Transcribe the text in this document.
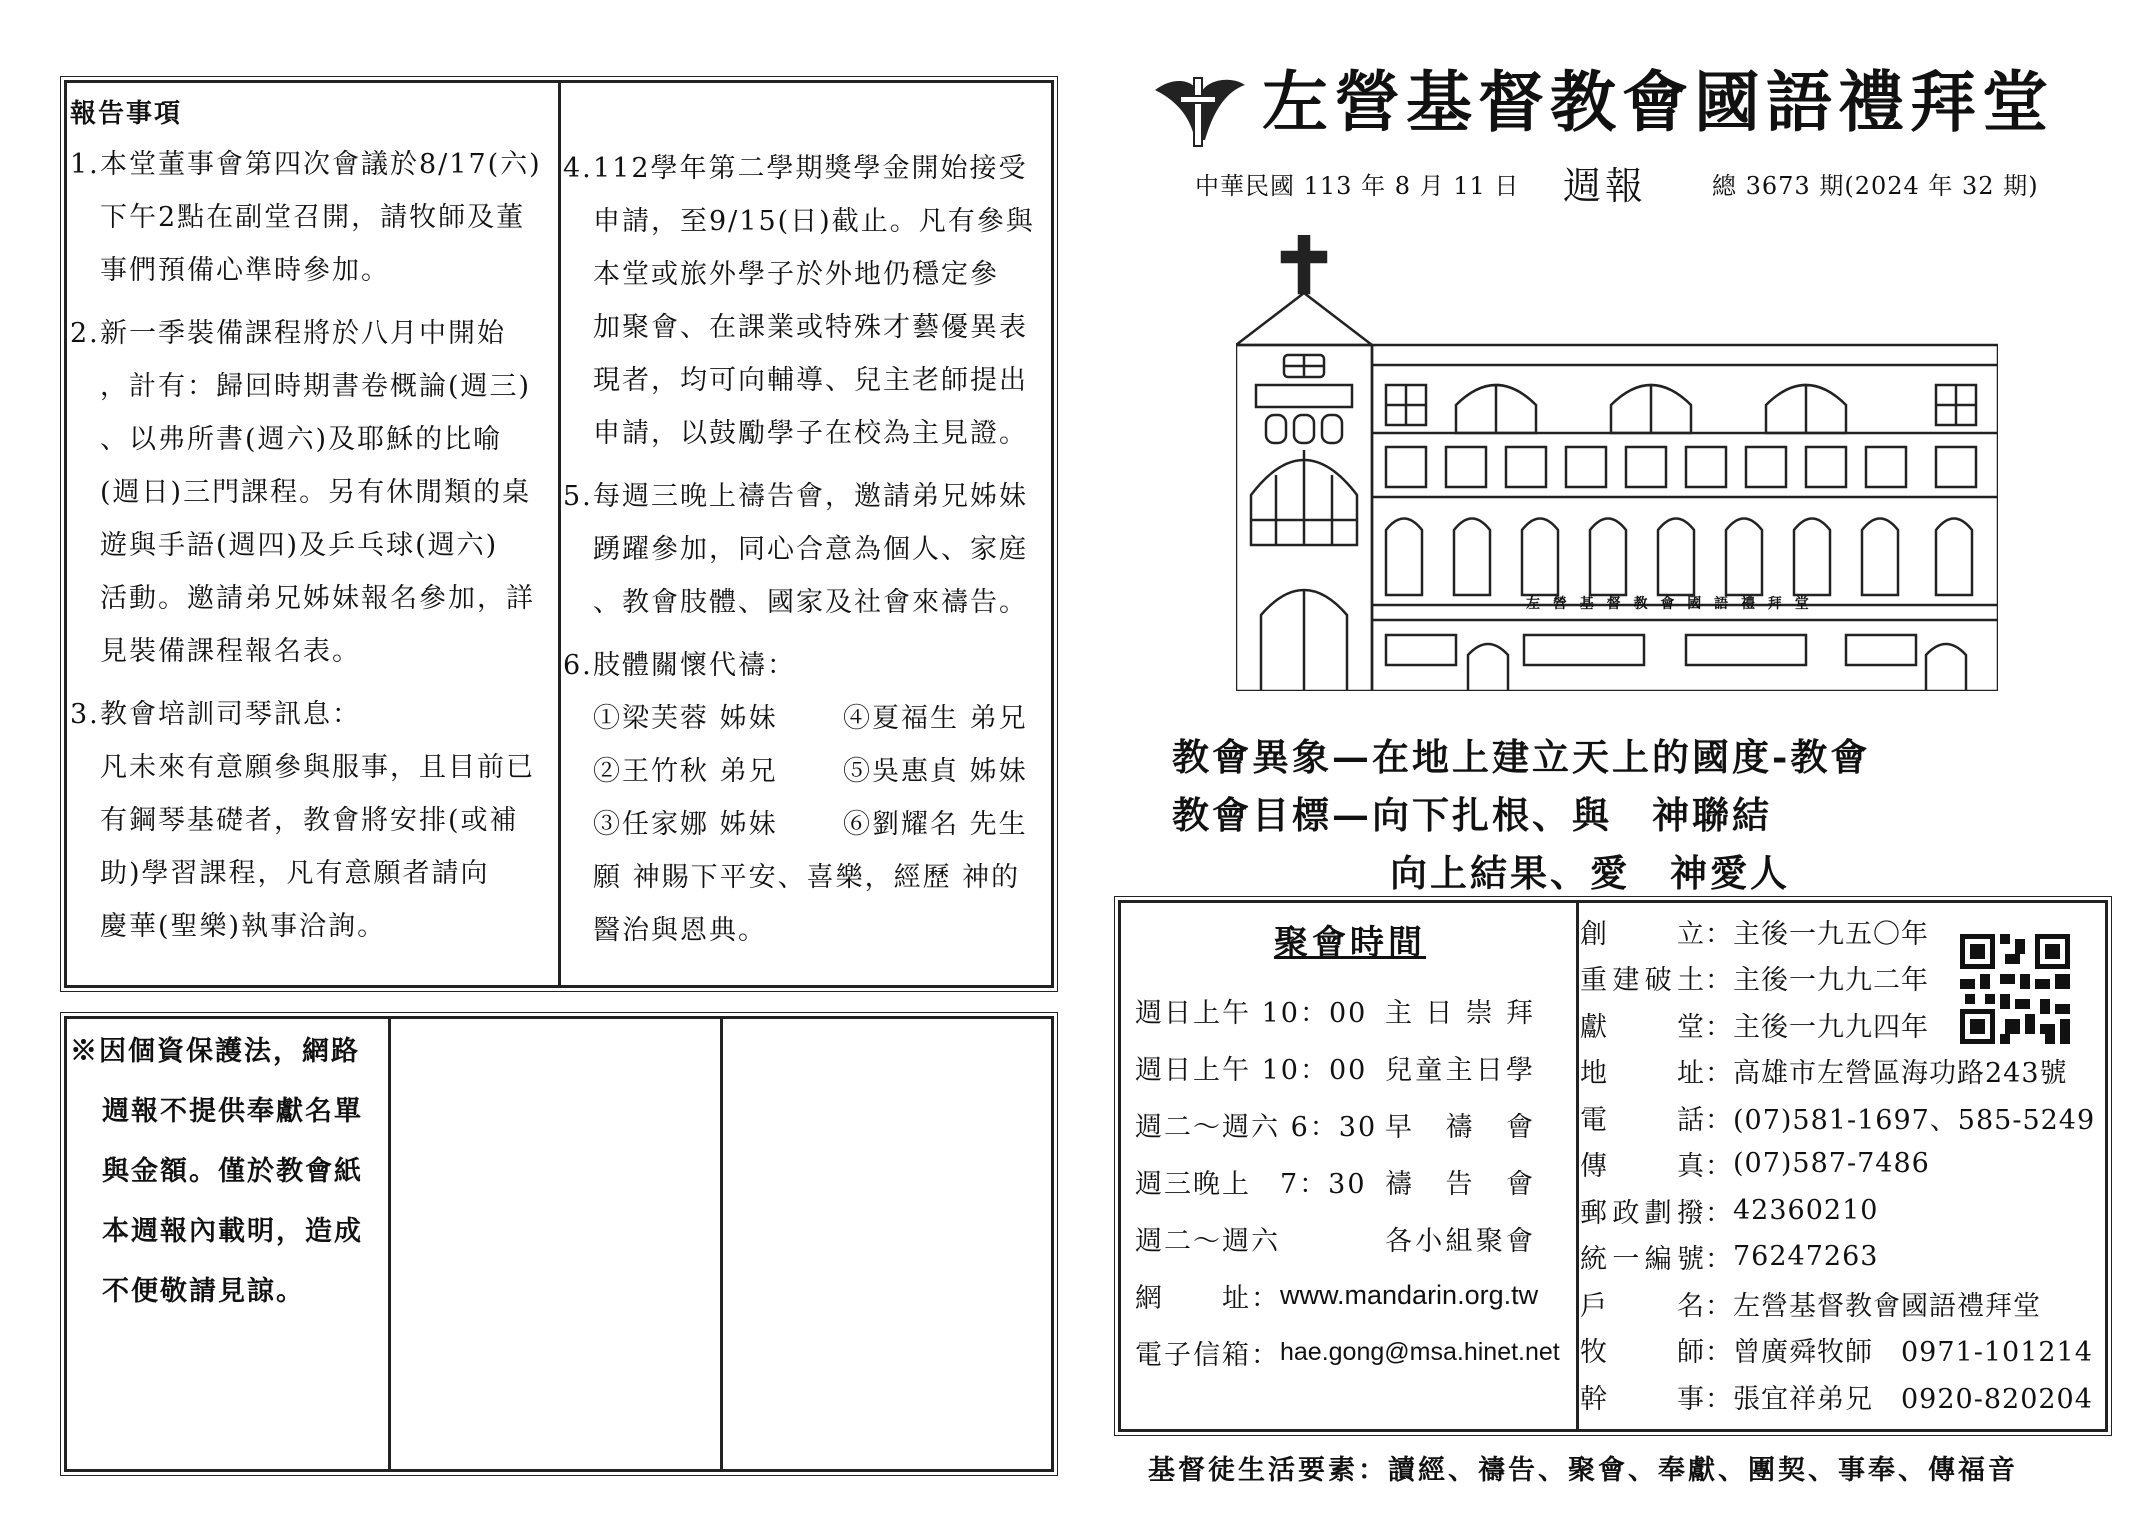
報告事項
1.本堂董事會第四次會議於8/17(六)
下午2點在副堂召開，請牧師及董
事們預備心準時參加。
2.新一季裝備課程將於八月中開始
，計有：歸回時期書卷概論(週三)
、以弗所書(週六)及耶穌的比喻
(週日)三門課程。另有休閒類的桌
遊與手語(週四)及乒乓球(週六)
活動。邀請弟兄姊妹報名參加，詳
見裝備課程報名表。
3.教會培訓司琴訊息：
凡未來有意願參與服事，且目前已
有鋼琴基礎者，教會將安排(或補
助)學習課程，凡有意願者請向
慶華(聖樂)執事洽詢。
4.112學年第二學期獎學金開始接受
申請，至9/15(日)截止。凡有參與
本堂或旅外學子於外地仍穩定參
加聚會、在課業或特殊才藝優異表
現者，均可向輔導、兒主老師提出
申請，以鼓勵學子在校為主見證。
5.每週三晚上禱告會，邀請弟兄姊妹
踴躍參加，同心合意為個人、家庭
、教會肢體、國家及社會來禱告。
6.肢體關懷代禱：
①梁芙蓉 姊妹	④夏福生 弟兄
②王竹秋 弟兄	⑤吳惠貞 姊妹
③任家娜 姊妹	⑥劉耀名 先生
願 神賜下平安、喜樂，經歷 神的
醫治與恩典。
※因個資保護法，網路
週報不提供奉獻名單
與金額。僅於教會紙
本週報內載明，造成
不便敬請見諒。
左營基督教會國語禮拜堂
中華民國 113 年 8 月 11 日 週報	總 3673 期(2024 年 32 期)
左 營 基 督 教 會 國 語 禮 拜 堂
教會異象—在地上建立天上的國度-教會
教會目標—向下扎根、與　神聯結
向上結果、愛　神愛人
聚會時間
週日上午 10：00 主 日 崇 拜
週日上午 10：00 兒童主日學
週二～週六 6：30 早 禱 會
週三晚上　7：30 禱 告 會
週二～週六	各小組聚會
網　　址： www.mandarin.org.tw
電子信箱： hae.gong@msa.hinet.net
創立 ： 主後一九五〇年
重建破土 ： 主後一九九二年
獻堂 ： 主後一九九四年
地址 ： 高雄市左營區海功路243號
電話 ： (07)581-1697、585-5249
傳真 ： (07)587-7486
郵政劃撥 ： 42360210
統一編號 ： 76247263
戶名 ： 左營基督教會國語禮拜堂
牧師 ： 曾廣舜牧師　0971-101214
幹事 ： 張宜祥弟兄　0920-820204
基督徒生活要素：讀經、禱告、聚會、奉獻、團契、事奉、傳福音
